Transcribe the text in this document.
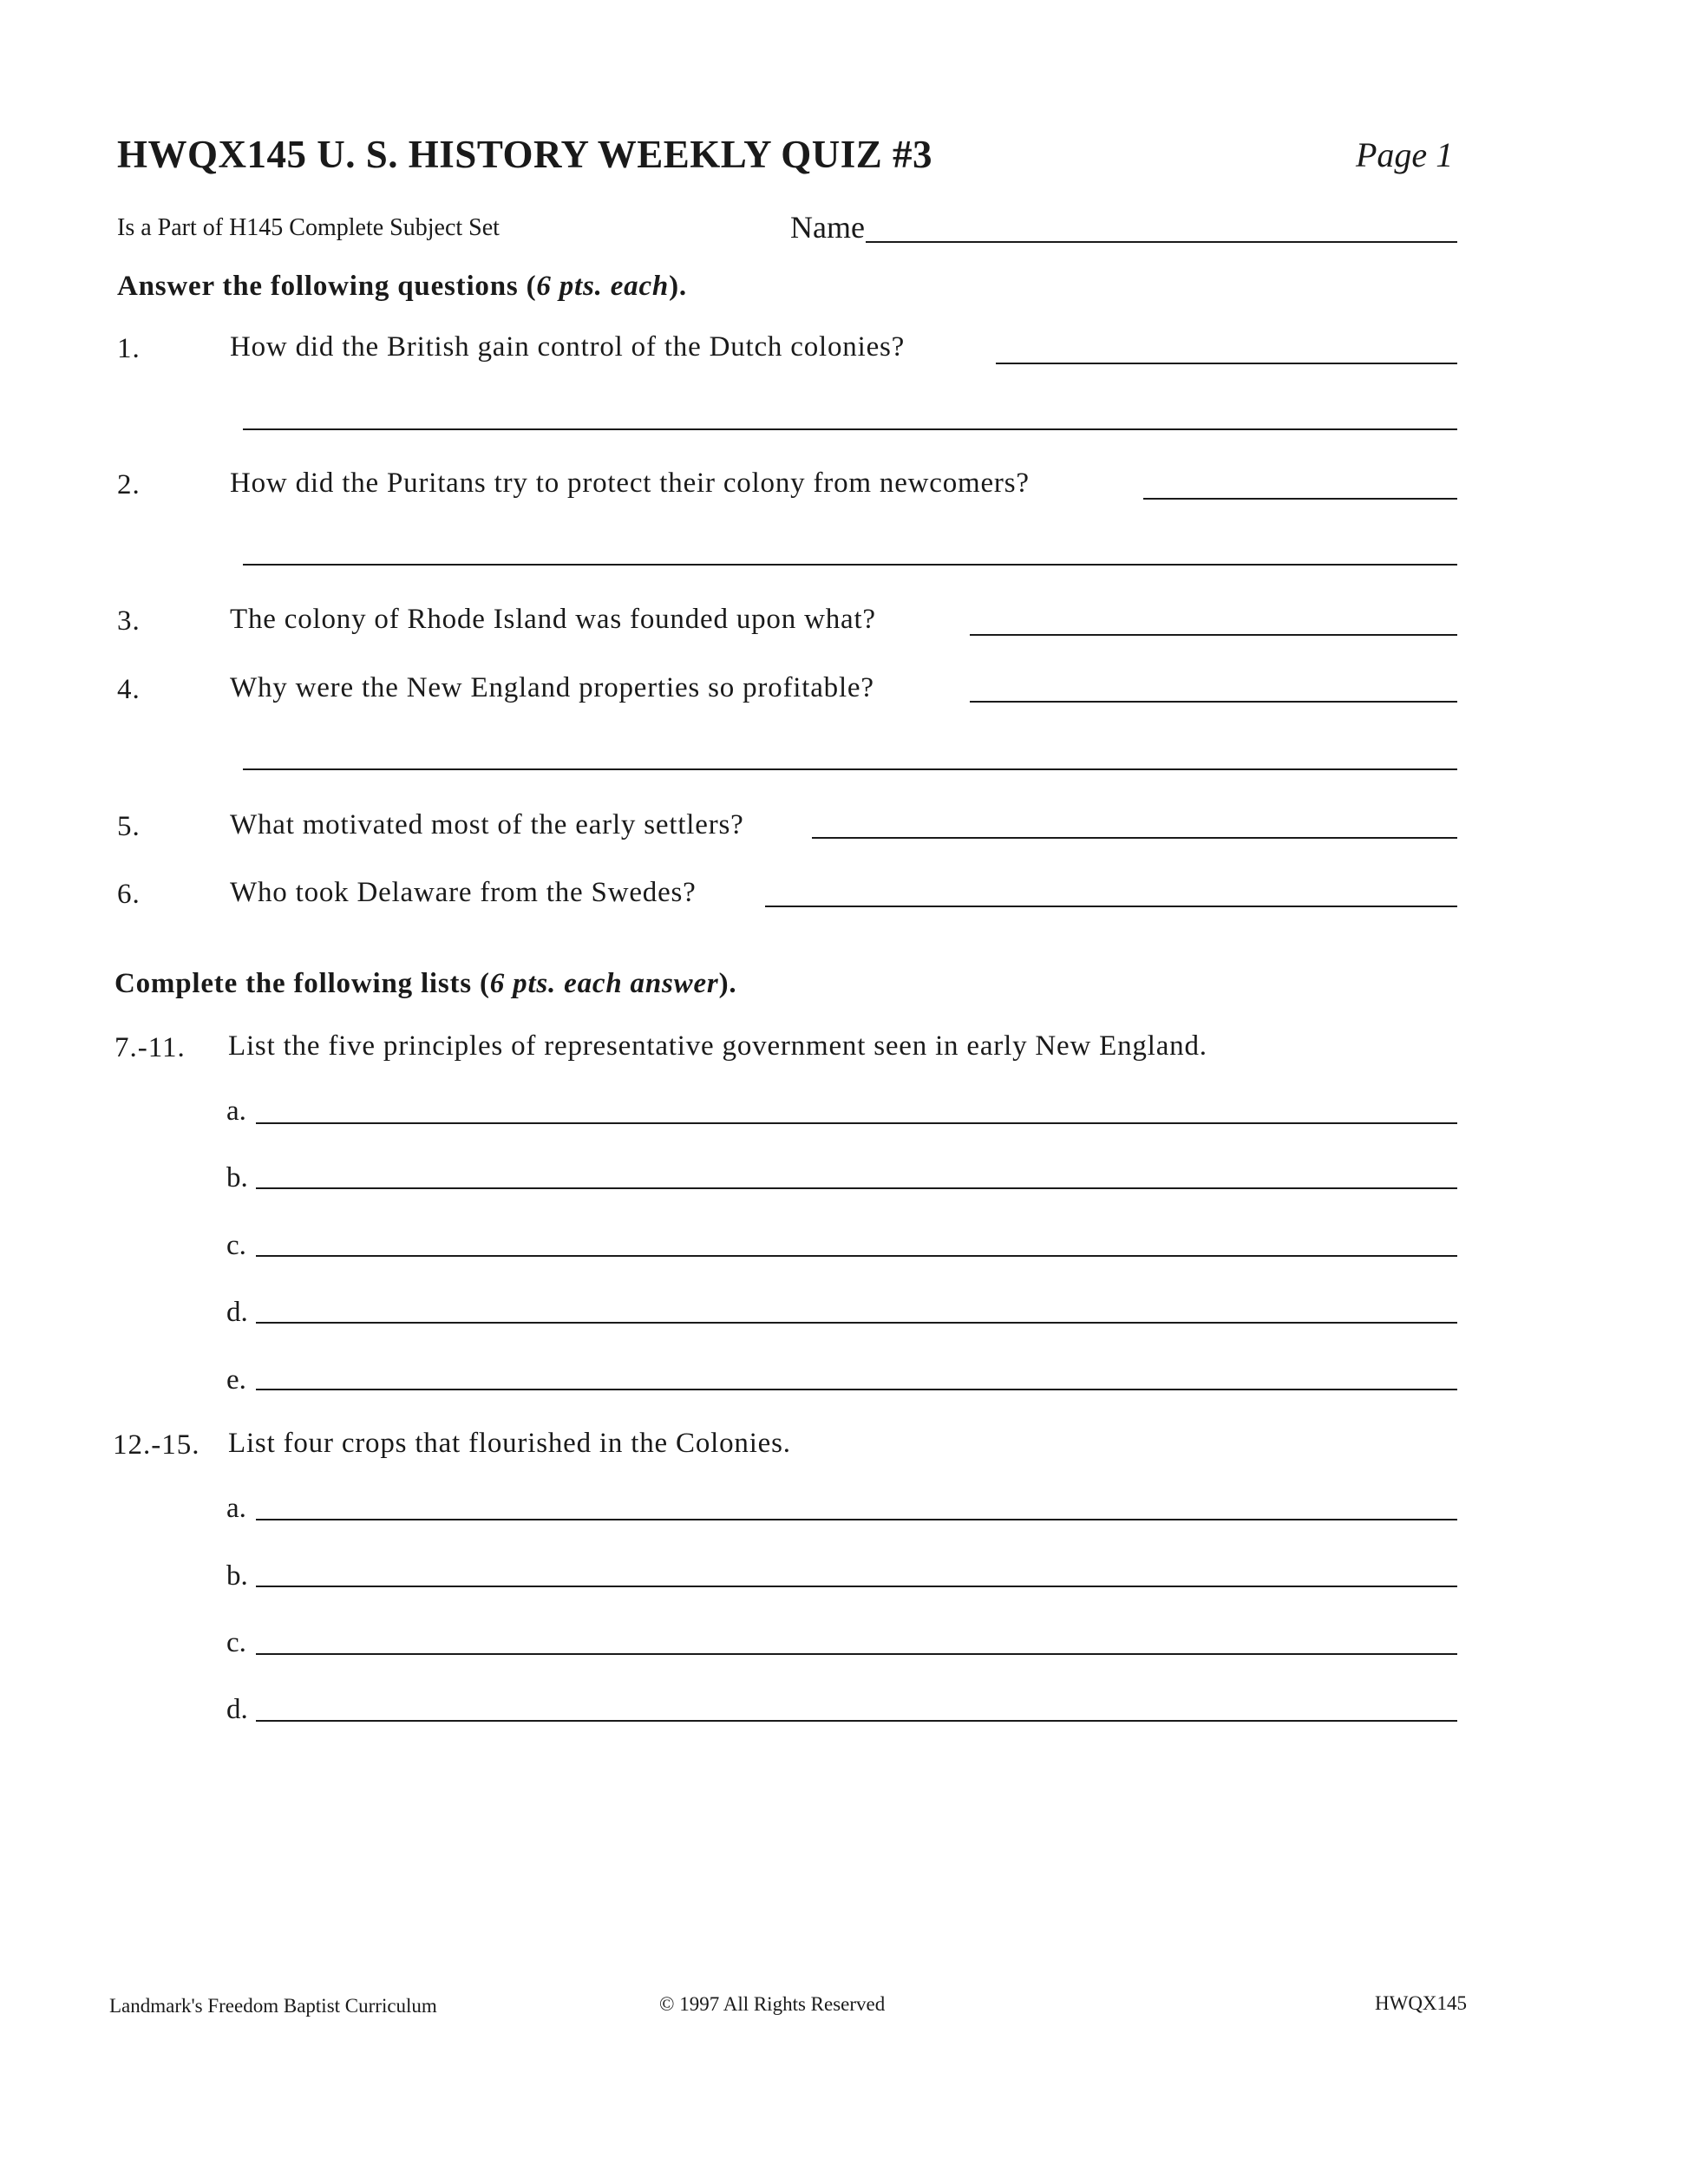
HWQX145 U. S. HISTORY WEEKLY QUIZ #3	Page 1
Is a Part of H145 Complete Subject Set	Name
Answer the following questions (6 pts. each).
1.	How did the British gain control of the Dutch colonies?
2.	How did the Puritans try to protect their colony from newcomers?
3.	The colony of Rhode Island was founded upon what?
4.	Why were the New England properties so profitable?
5.	What motivated most of the early settlers?
6.	Who took Delaware from the Swedes?
Complete the following lists (6 pts. each answer).
7.-11. List the five principles of representative government seen in early New England.
a.
b.
c.
d.
e.
12.-15. List four crops that flourished in the Colonies.
a.
b.
c.
d.
Landmark's Freedom Baptist Curriculum	© 1997 All Rights Reserved	HWQX145
